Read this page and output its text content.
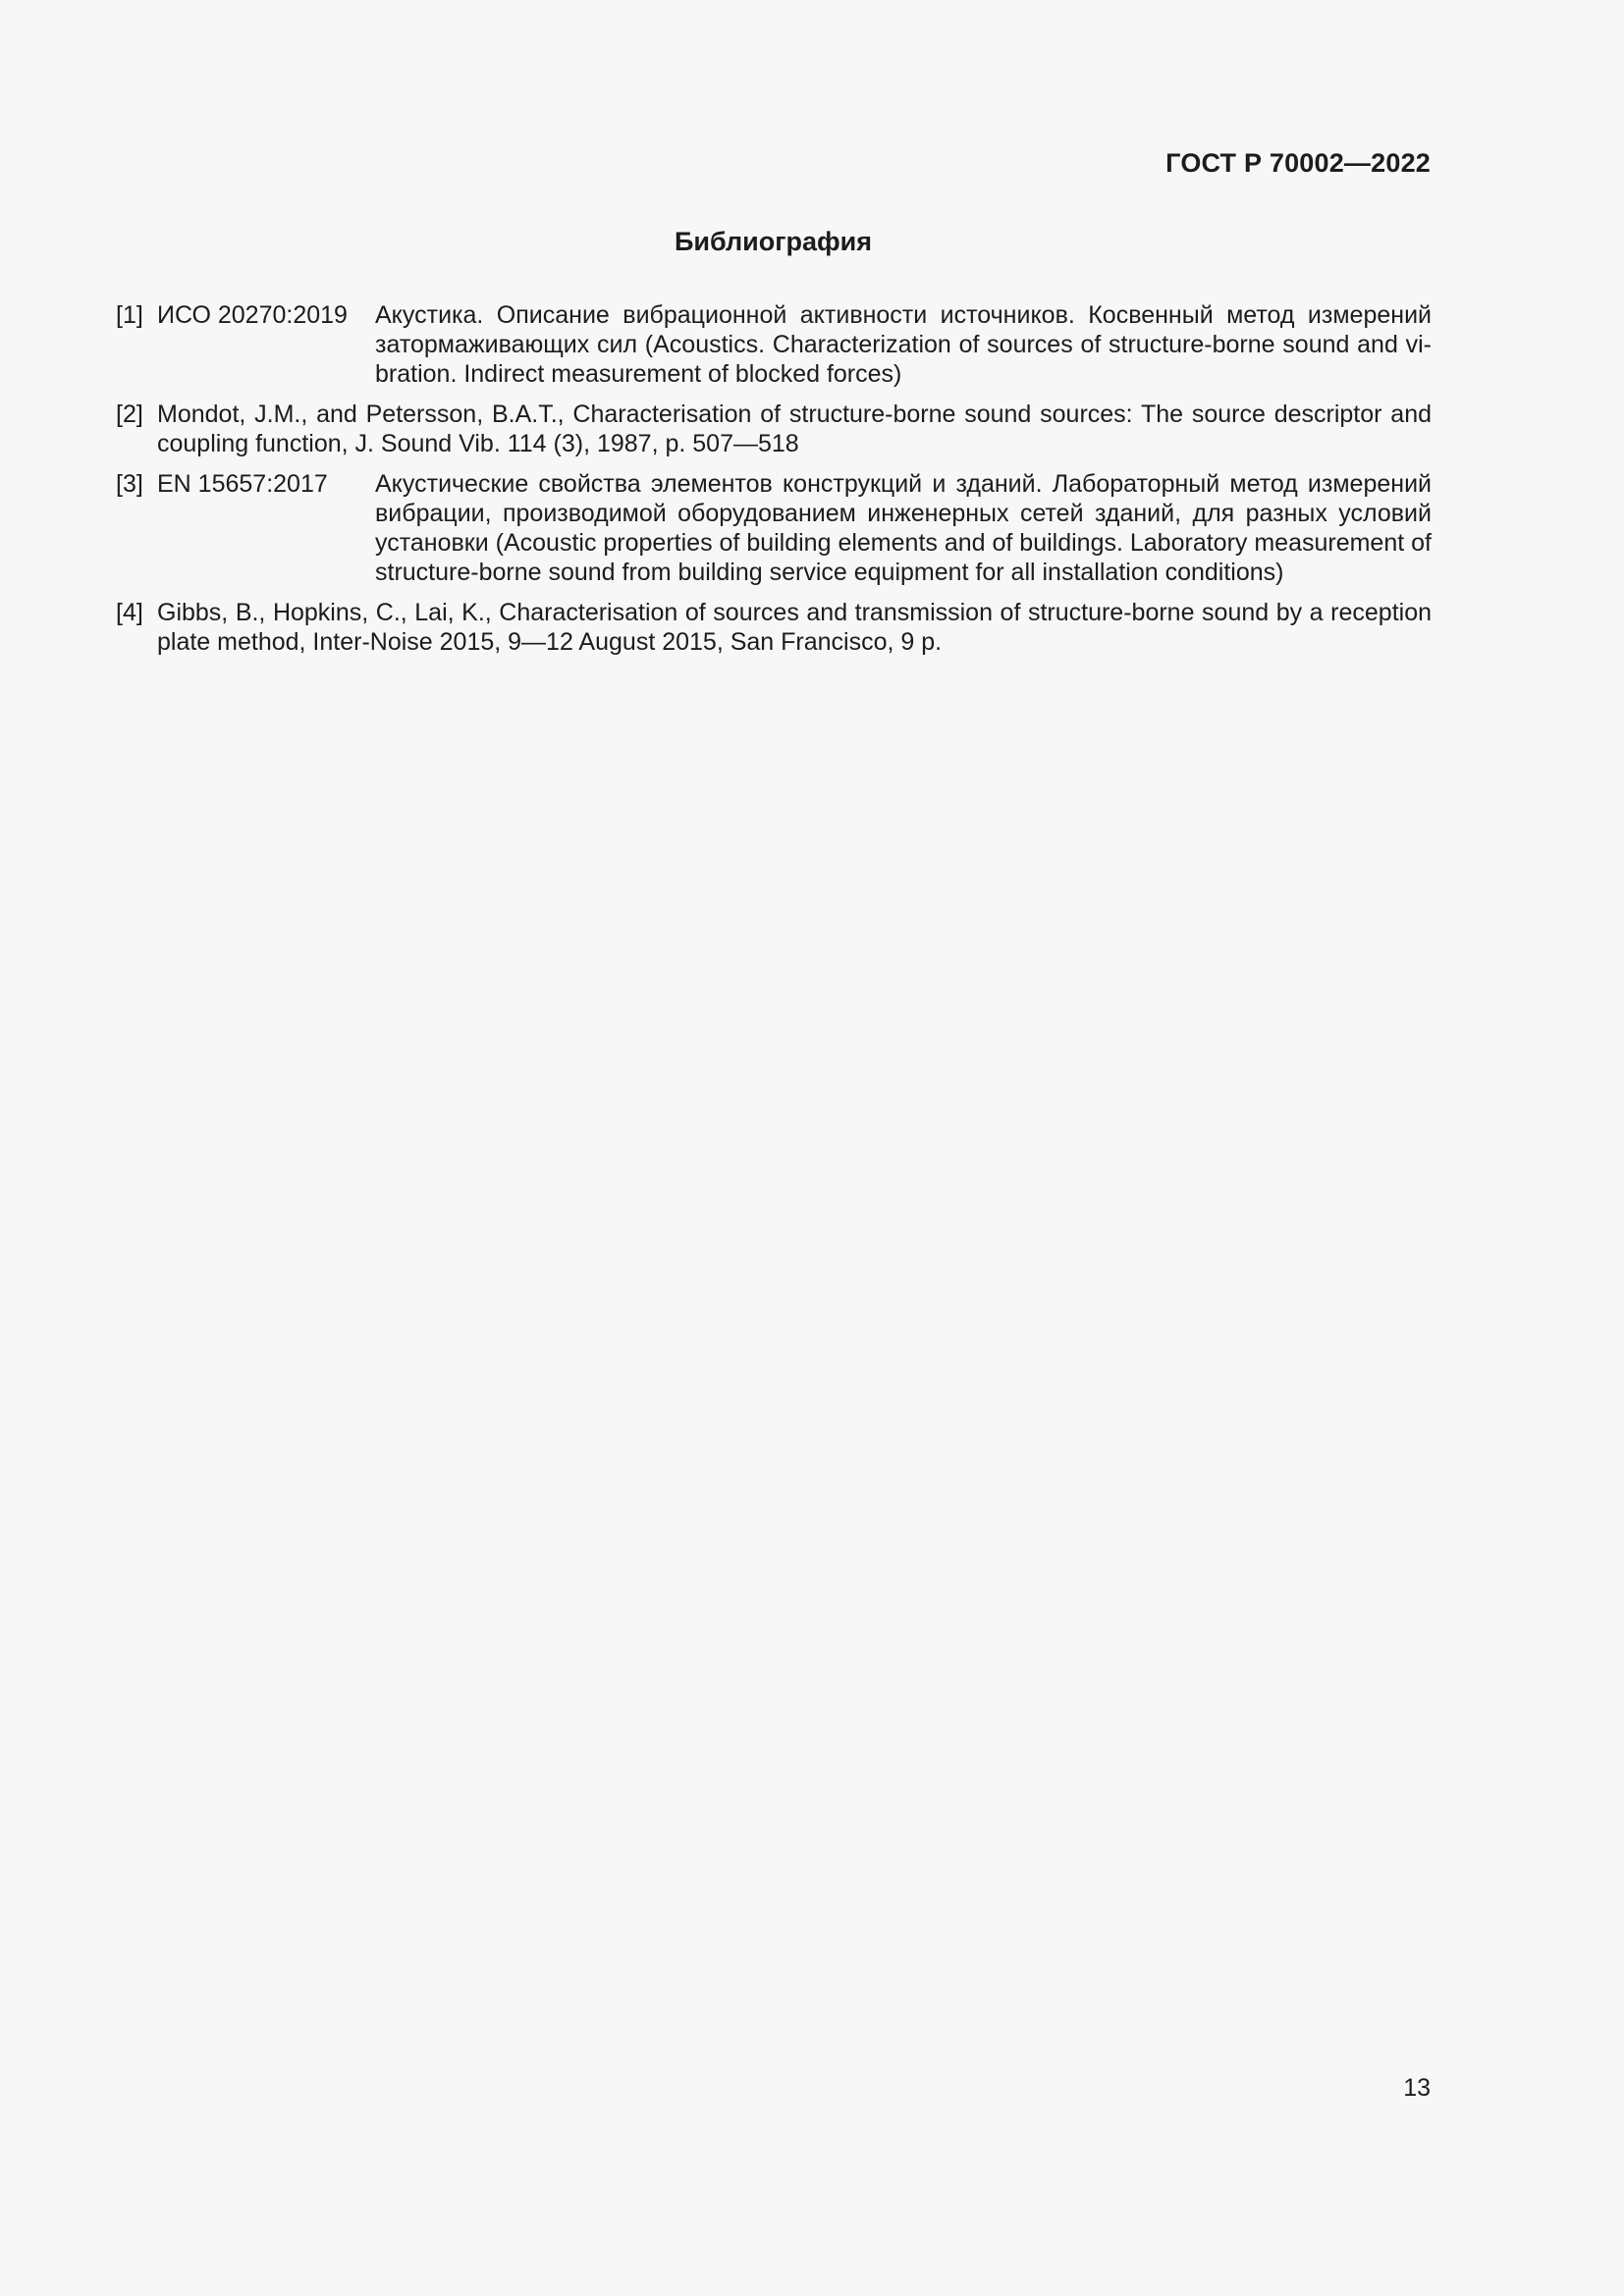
ГОСТ Р 70002—2022
Библиография
[1] ИСО 20270:2019 Акустика. Описание вибрационной активности источников. Косвенный метод измерений затормаживающих сил (Acoustics. Characterization of sources of structure-borne sound and vi-bration. Indirect measurement of blocked forces)
[2] Mondot, J.M., and Petersson, B.A.T., Characterisation of structure-borne sound sources: The source descriptor and coupling function, J. Sound Vib. 114 (3), 1987, p. 507—518
[3] EN 15657:2017 Акустические свойства элементов конструкций и зданий. Лабораторный метод измерений вибрации, производимой оборудованием инженерных сетей зданий, для разных условий установки (Acoustic properties of building elements and of buildings. Laboratory measurement of structure-borne sound from building service equipment for all installation conditions)
[4] Gibbs, B., Hopkins, C., Lai, K., Characterisation of sources and transmission of structure-borne sound by a reception plate method, Inter-Noise 2015, 9—12 August 2015, San Francisco, 9 p.
13
